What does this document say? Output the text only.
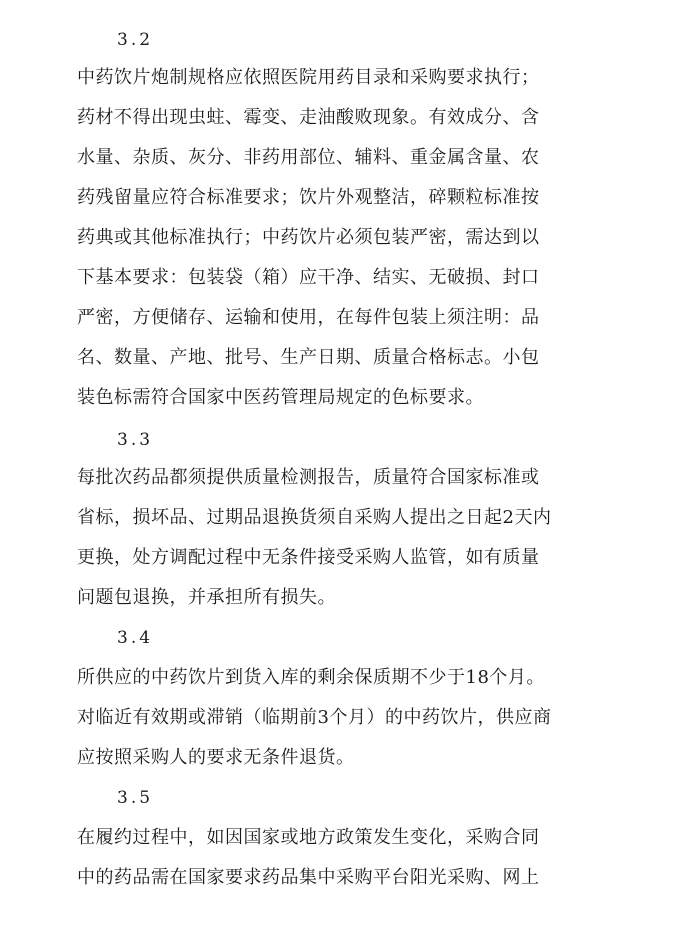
3.2
中药饮片炮制规格应依照医院用药目录和采购要求执行；
药材不得出现虫蛀、霉变、走油酸败现象。有效成分、含
水量、杂质、灰分、非药用部位、辅料、重金属含量、农
药残留量应符合标准要求；饮片外观整洁，碎颗粒标准按
药典或其他标准执行；中药饮片必须包装严密，需达到以
下基本要求：包装袋（箱）应干净、结实、无破损、封口
严密，方便储存、运输和使用，在每件包装上须注明：品
名、数量、产地、批号、生产日期、质量合格标志。小包
装色标需符合国家中医药管理局规定的色标要求。
3.3
每批次药品都须提供质量检测报告，质量符合国家标准或
省标，损坏品、过期品退换货须自采购人提出之日起2天内
更换，处方调配过程中无条件接受采购人监管，如有质量
问题包退换，并承担所有损失。
3.4
所供应的中药饮片到货入库的剩余保质期不少于18个月。
对临近有效期或滞销（临期前3个月）的中药饮片，供应商
应按照采购人的要求无条件退货。
3.5
在履约过程中，如因国家或地方政策发生变化，采购合同
中的药品需在国家要求药品集中采购平台阳光采购、网上
